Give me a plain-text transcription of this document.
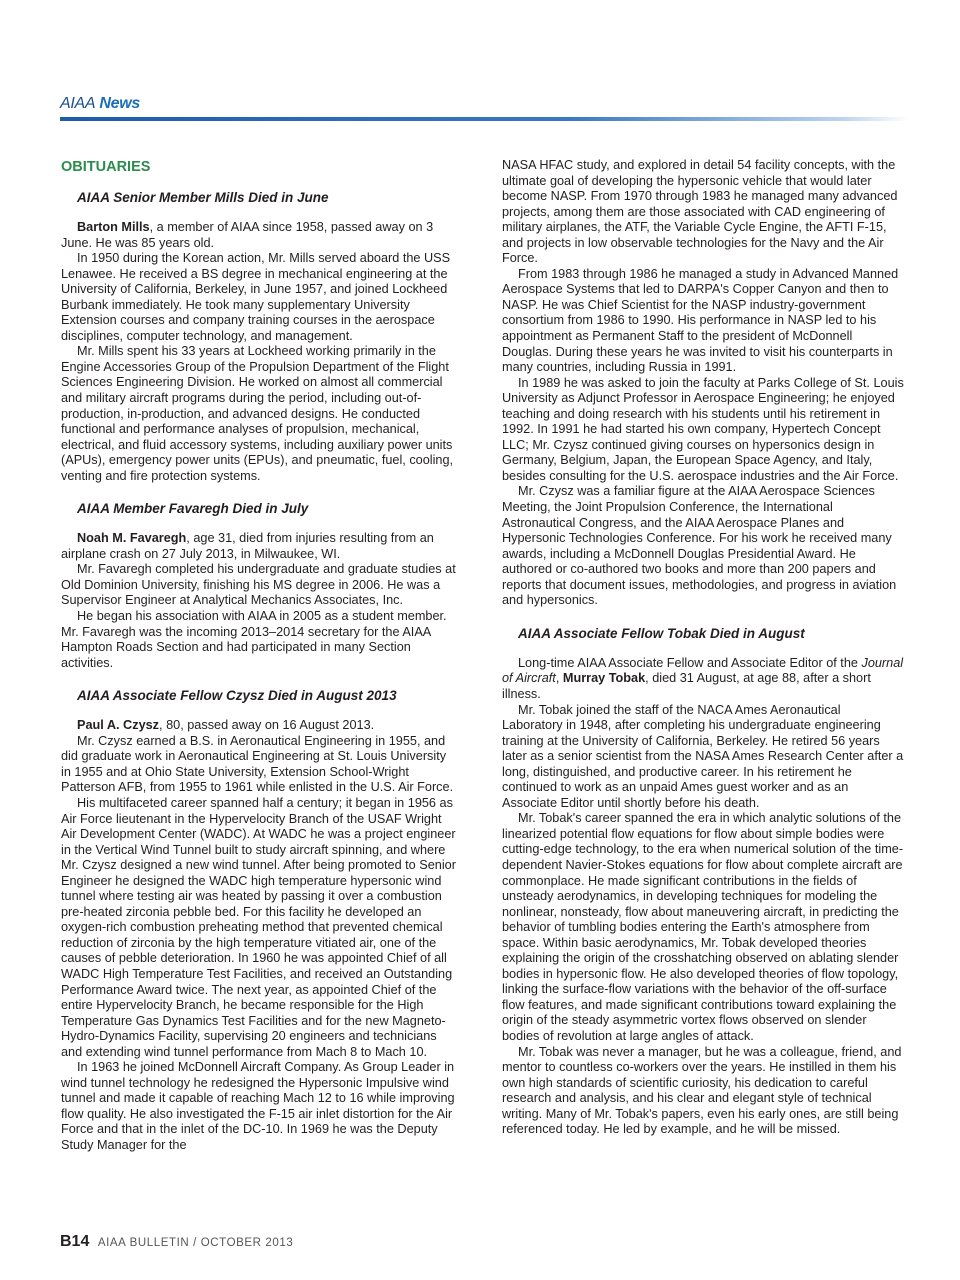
AIAA News
OBITUARIES
AIAA Senior Member Mills Died in June

Barton Mills, a member of AIAA since 1958, passed away on 3 June. He was 85 years old.

In 1950 during the Korean action, Mr. Mills served aboard the USS Lenawee. He received a BS degree in mechanical engineering at the University of California, Berkeley, in June 1957, and joined Lockheed Burbank immediately. He took many supplementary University Extension courses and company training courses in the aerospace disciplines, computer technology, and management.

Mr. Mills spent his 33 years at Lockheed working primarily in the Engine Accessories Group of the Propulsion Department of the Flight Sciences Engineering Division. He worked on almost all commercial and military aircraft programs during the period, including out-of-production, in-production, and advanced designs. He conducted functional and performance analyses of propulsion, mechanical, electrical, and fluid accessory systems, including auxiliary power units (APUs), emergency power units (EPUs), and pneumatic, fuel, cooling, venting and fire protection systems.

AIAA Member Favaregh Died in July

Noah M. Favaregh, age 31, died from injuries resulting from an airplane crash on 27 July 2013, in Milwaukee, WI.

Mr. Favaregh completed his undergraduate and graduate studies at Old Dominion University, finishing his MS degree in 2006. He was a Supervisor Engineer at Analytical Mechanics Associates, Inc.

He began his association with AIAA in 2005 as a student member. Mr. Favaregh was the incoming 2013–2014 secretary for the AIAA Hampton Roads Section and had participated in many Section activities.

AIAA Associate Fellow Czysz Died in August 2013

Paul A. Czysz, 80, passed away on 16 August 2013.

Mr. Czysz earned a B.S. in Aeronautical Engineering in 1955, and did graduate work in Aeronautical Engineering at St. Louis University in 1955 and at Ohio State University, Extension School-Wright Patterson AFB, from 1955 to 1961 while enlisted in the U.S. Air Force.

His multifaceted career spanned half a century; it began in 1956 as Air Force lieutenant in the Hypervelocity Branch of the USAF Wright Air Development Center (WADC). At WADC he was a project engineer in the Vertical Wind Tunnel built to study aircraft spinning, and where Mr. Czysz designed a new wind tunnel. After being promoted to Senior Engineer he designed the WADC high temperature hypersonic wind tunnel where testing air was heated by passing it over a combustion pre-heated zirconia pebble bed. For this facility he developed an oxygen-rich combustion preheating method that prevented chemical reduction of zirconia by the high temperature vitiated air, one of the causes of pebble deterioration. In 1960 he was appointed Chief of all WADC High Temperature Test Facilities, and received an Outstanding Performance Award twice. The next year, as appointed Chief of the entire Hypervelocity Branch, he became responsible for the High Temperature Gas Dynamics Test Facilities and for the new Magneto-Hydro-Dynamics Facility, supervising 20 engineers and technicians and extending wind tunnel performance from Mach 8 to Mach 10.

In 1963 he joined McDonnell Aircraft Company. As Group Leader in wind tunnel technology he redesigned the Hypersonic Impulsive wind tunnel and made it capable of reaching Mach 12 to 16 while improving flow quality. He also investigated the F-15 air inlet distortion for the Air Force and that in the inlet of the DC-10. In 1969 he was the Deputy Study Manager for the

NASA HFAC study, and explored in detail 54 facility concepts, with the ultimate goal of developing the hypersonic vehicle that would later become NASP. From 1970 through 1983 he managed many advanced projects, among them are those associated with CAD engineering of military airplanes, the ATF, the Variable Cycle Engine, the AFTI F-15, and projects in low observable technologies for the Navy and the Air Force.

From 1983 through 1986 he managed a study in Advanced Manned Aerospace Systems that led to DARPA's Copper Canyon and then to NASP. He was Chief Scientist for the NASP industry-government consortium from 1986 to 1990. His performance in NASP led to his appointment as Permanent Staff to the president of McDonnell Douglas. During these years he was invited to visit his counterparts in many countries, including Russia in 1991.

In 1989 he was asked to join the faculty at Parks College of St. Louis University as Adjunct Professor in Aerospace Engineering; he enjoyed teaching and doing research with his students until his retirement in 1992. In 1991 he had started his own company, Hypertech Concept LLC; Mr. Czysz continued giving courses on hypersonics design in Germany, Belgium, Japan, the European Space Agency, and Italy, besides consulting for the U.S. aerospace industries and the Air Force.

Mr. Czysz was a familiar figure at the AIAA Aerospace Sciences Meeting, the Joint Propulsion Conference, the International Astronautical Congress, and the AIAA Aerospace Planes and Hypersonic Technologies Conference. For his work he received many awards, including a McDonnell Douglas Presidential Award. He authored or co-authored two books and more than 200 papers and reports that document issues, methodologies, and progress in aviation and hypersonics.

AIAA Associate Fellow Tobak Died in August

Long-time AIAA Associate Fellow and Associate Editor of the Journal of Aircraft, Murray Tobak, died 31 August, at age 88, after a short illness.

Mr. Tobak joined the staff of the NACA Ames Aeronautical Laboratory in 1948, after completing his undergraduate engineering training at the University of California, Berkeley. He retired 56 years later as a senior scientist from the NASA Ames Research Center after a long, distinguished, and productive career. In his retirement he continued to work as an unpaid Ames guest worker and as an Associate Editor until shortly before his death.

Mr. Tobak's career spanned the era in which analytic solutions of the linearized potential flow equations for flow about simple bodies were cutting-edge technology, to the era when numerical solution of the time-dependent Navier-Stokes equations for flow about complete aircraft are commonplace. He made significant contributions in the fields of unsteady aerodynamics, in developing techniques for modeling the nonlinear, nonsteady, flow about maneuvering aircraft, in predicting the behavior of tumbling bodies entering the Earth's atmosphere from space. Within basic aerodynamics, Mr. Tobak developed theories explaining the origin of the crosshatching observed on ablating slender bodies in hypersonic flow. He also developed theories of flow topology, linking the surface-flow variations with the behavior of the off-surface flow features, and made significant contributions toward explaining the origin of the steady asymmetric vortex flows observed on slender bodies of revolution at large angles of attack.

Mr. Tobak was never a manager, but he was a colleague, friend, and mentor to countless co-workers over the years. He instilled in them his own high standards of scientific curiosity, his dedication to careful research and analysis, and his clear and elegant style of technical writing. Many of Mr. Tobak's papers, even his early ones, are still being referenced today. He led by example, and he will be missed.

B14 AIAA BULLETIN / OCTOBER 2013
